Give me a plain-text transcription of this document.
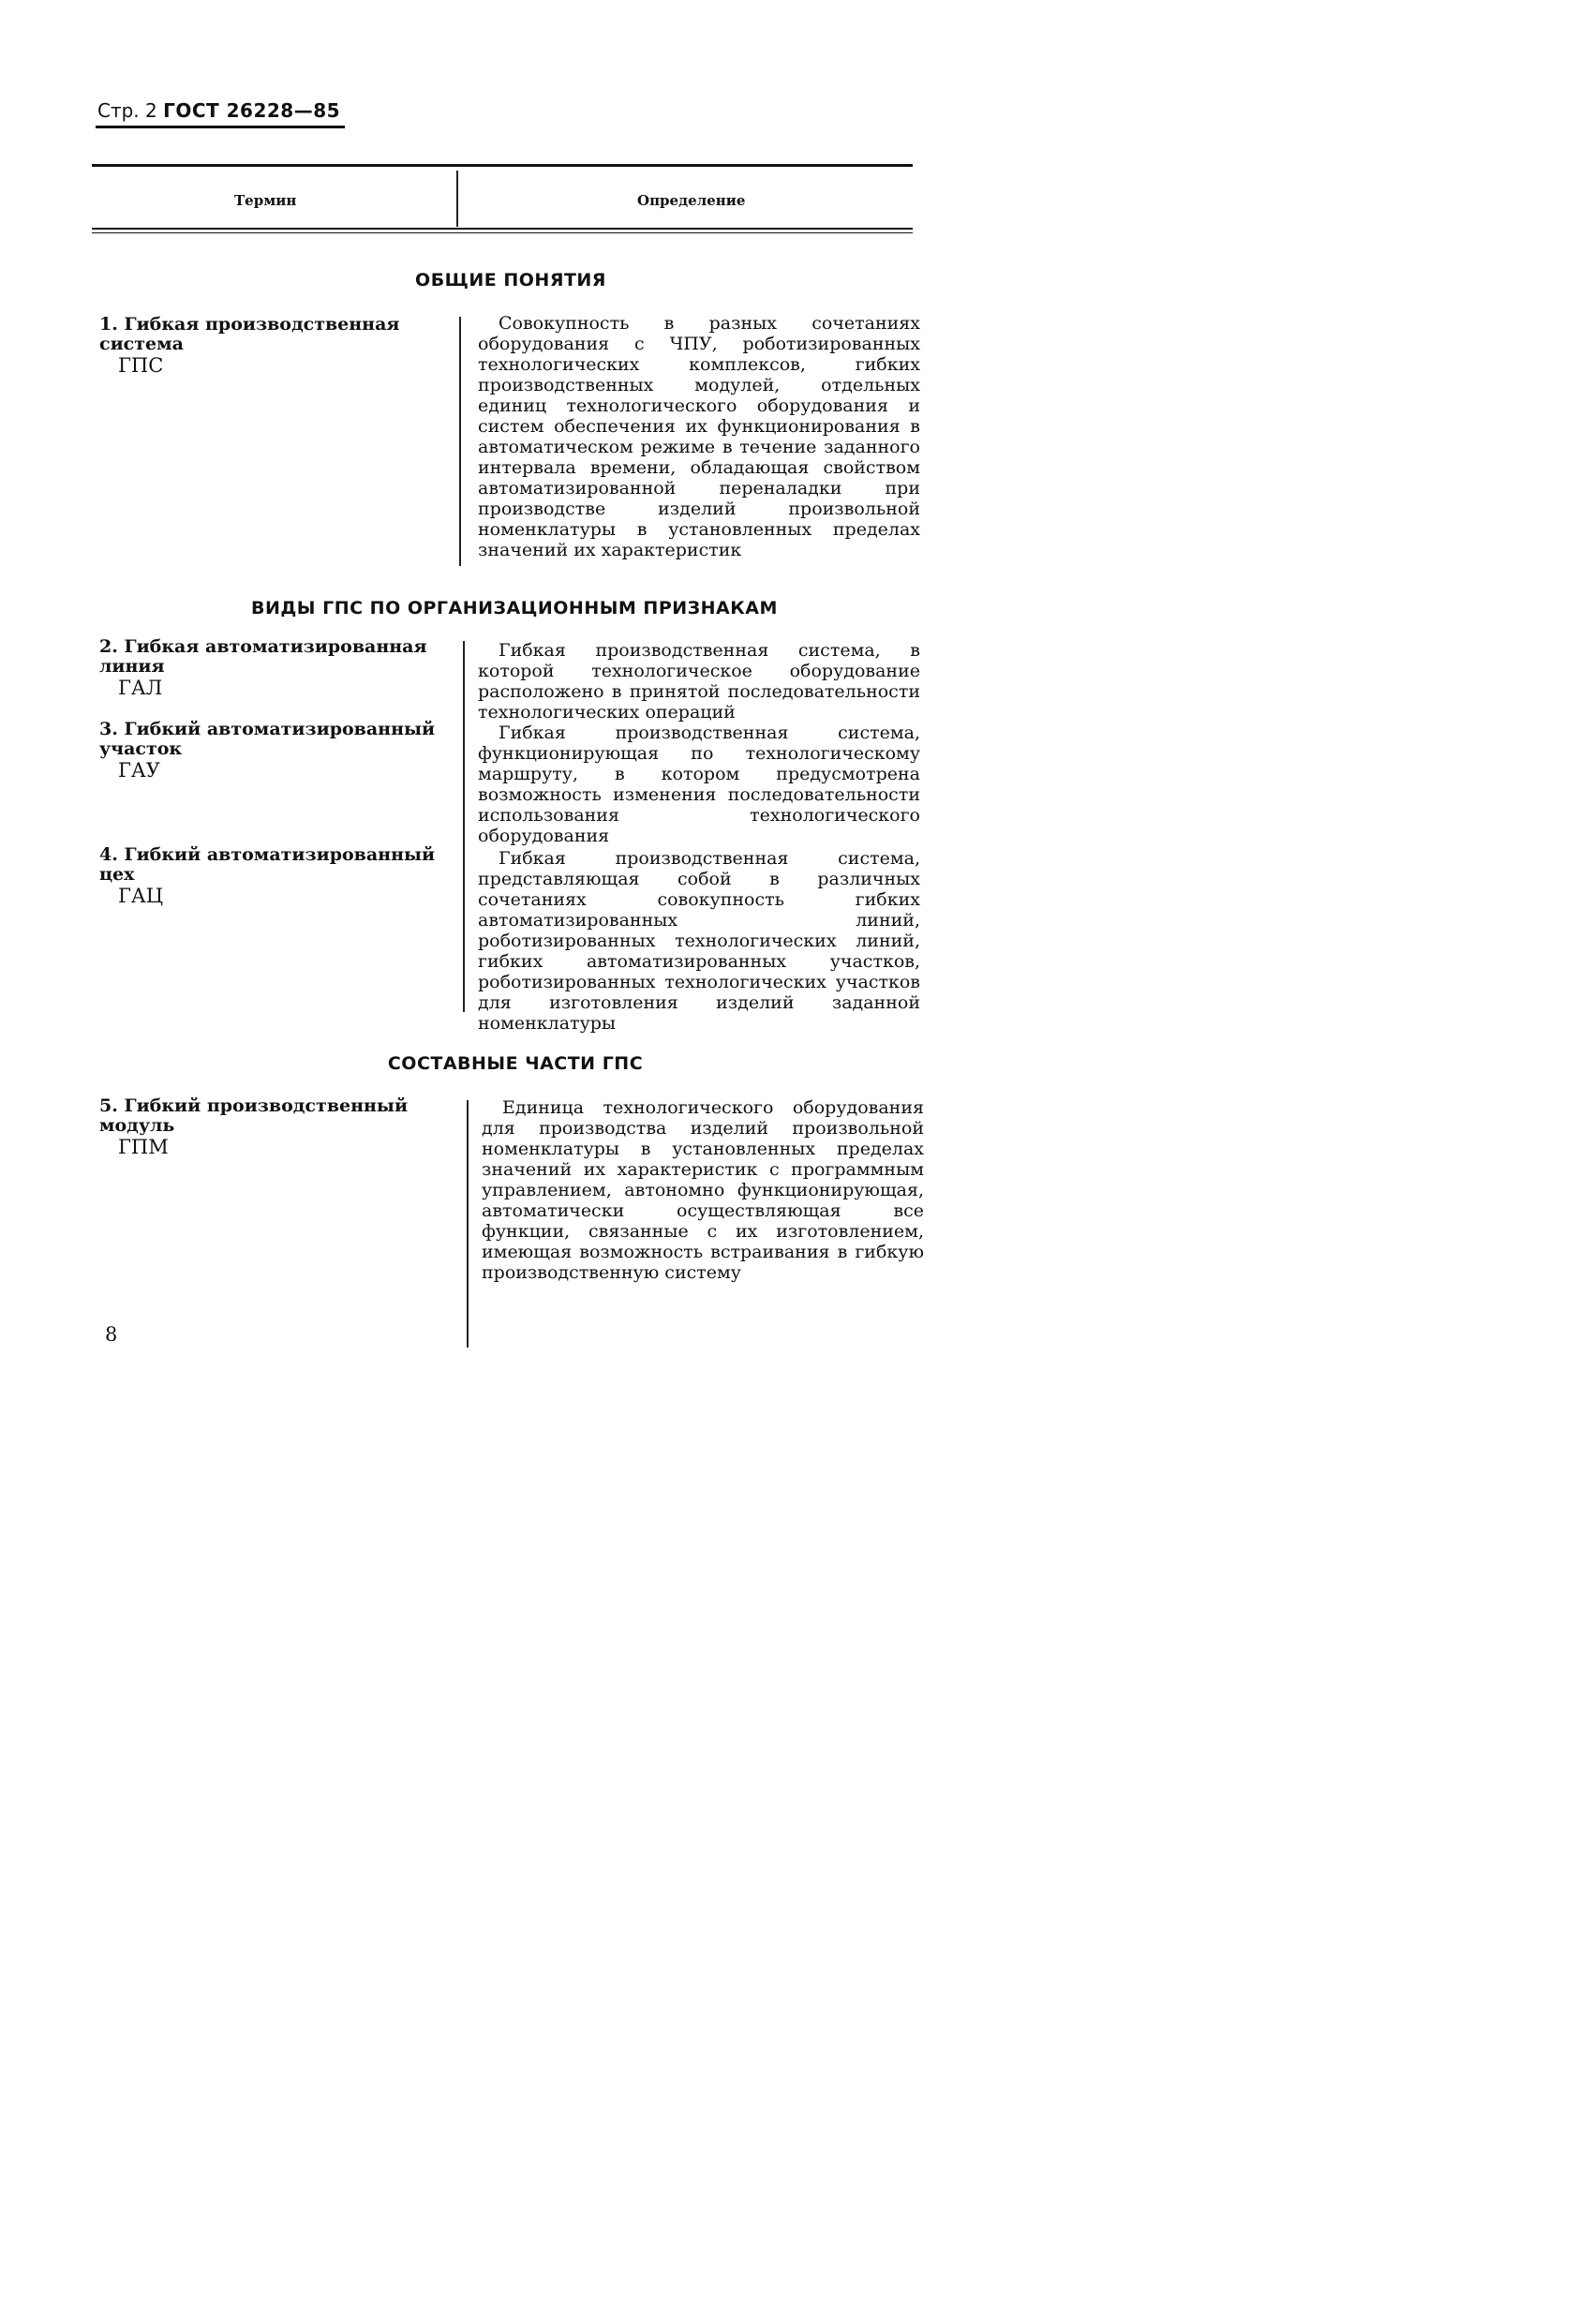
Стр. 2 ГОСТ 26228—85
Термин	Определение
ОБЩИЕ ПОНЯТИЯ
1. Гибкая производственная система
ГПС

Совокупность в разных сочетаниях оборудования с ЧПУ, роботизированных технологических комплексов, гибких производственных модулей, отдельных единиц технологического оборудования и систем обеспечения их функционирования в автоматическом режиме в течение заданного интервала времени, обладающая свойством автоматизированной переналадки при производстве изделий произвольной номенклатуры в установленных пределах значений их характеристик

ВИДЫ ГПС ПО ОРГАНИЗАЦИОННЫМ ПРИЗНАКАМ
2. Гибкая автоматизированная линия
ГАЛ
3. Гибкий автоматизированный участок
ГАУ
4. Гибкий автоматизированный цех
ГАЦ

Гибкая производственная система, в которой технологическое оборудование расположено в принятой последовательности технологических операций

Гибкая производственная система, функционирующая по технологическому маршруту, в котором предусмотрена возможность изменения последовательности использования технологического оборудования

Гибкая производственная система, представляющая собой в различных сочетаниях совокупность гибких автоматизированных линий, роботизированных технологических линий, гибких автоматизированных участков, роботизированных технологических участков для изготовления изделий заданной номенклатуры

СОСТАВНЫЕ ЧАСТИ ГПС
5. Гибкий производственный модуль
ГПМ

Единица технологического оборудования для производства изделий произвольной номенклатуры в установленных пределах значений их характеристик с программным управлением, автономно функционирующая, автоматически осуществляющая все функции, связанные с их изготовлением, имеющая возможность встраивания в гибкую производственную систему

8
